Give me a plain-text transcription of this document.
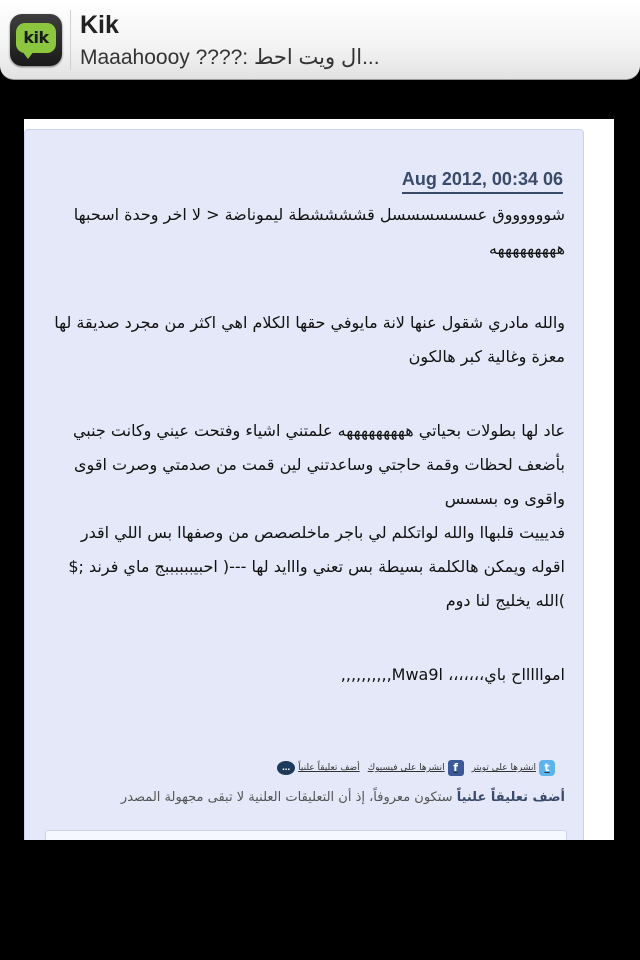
kik Kik
Maaahoooy ????: ال ويت احط...
Aug 2012, 00:34 06

شووووووق عسسسسسسل قششششطة ليموناضة < لا اخر وحدة اسحبها هههههههههه

والله مادري شقول عنها لانة مايوفي حقها الكلام اهي اكثر من مجرد صديقة لها معزة وغالية كبر هالكون

عاد لها بطولات بحياتي هههههههههه علمتني اشياء وفتحت عيني وكانت جنبي بأضعف لحظات وقمة حاجتي وساعدتني لين قمت من صدمتي وصرت اقوى واقوى وه بسسس

فديييت قلبهاا والله لواتكلم لي باجر ماخلصصص من وصفهاا بس اللي اقدر اقوله ويمكن هالكلمة بسيطة بس تعني وااايد لها ---( احبيببببببج ماي فرند ;$ )الله يخليج لنا دوم

امواااااح باي،،،،،،، Mwa9l,,,,,,,,,,

t
انشرها على تويتر
f
انشرها على فيسبوك
أضف تعليقاً علنياً
…
أضف تعليقاً علنياً ستكون معروفاً، إذ أن التعليقات العلنية لا تبقى مجهولة المصدر
